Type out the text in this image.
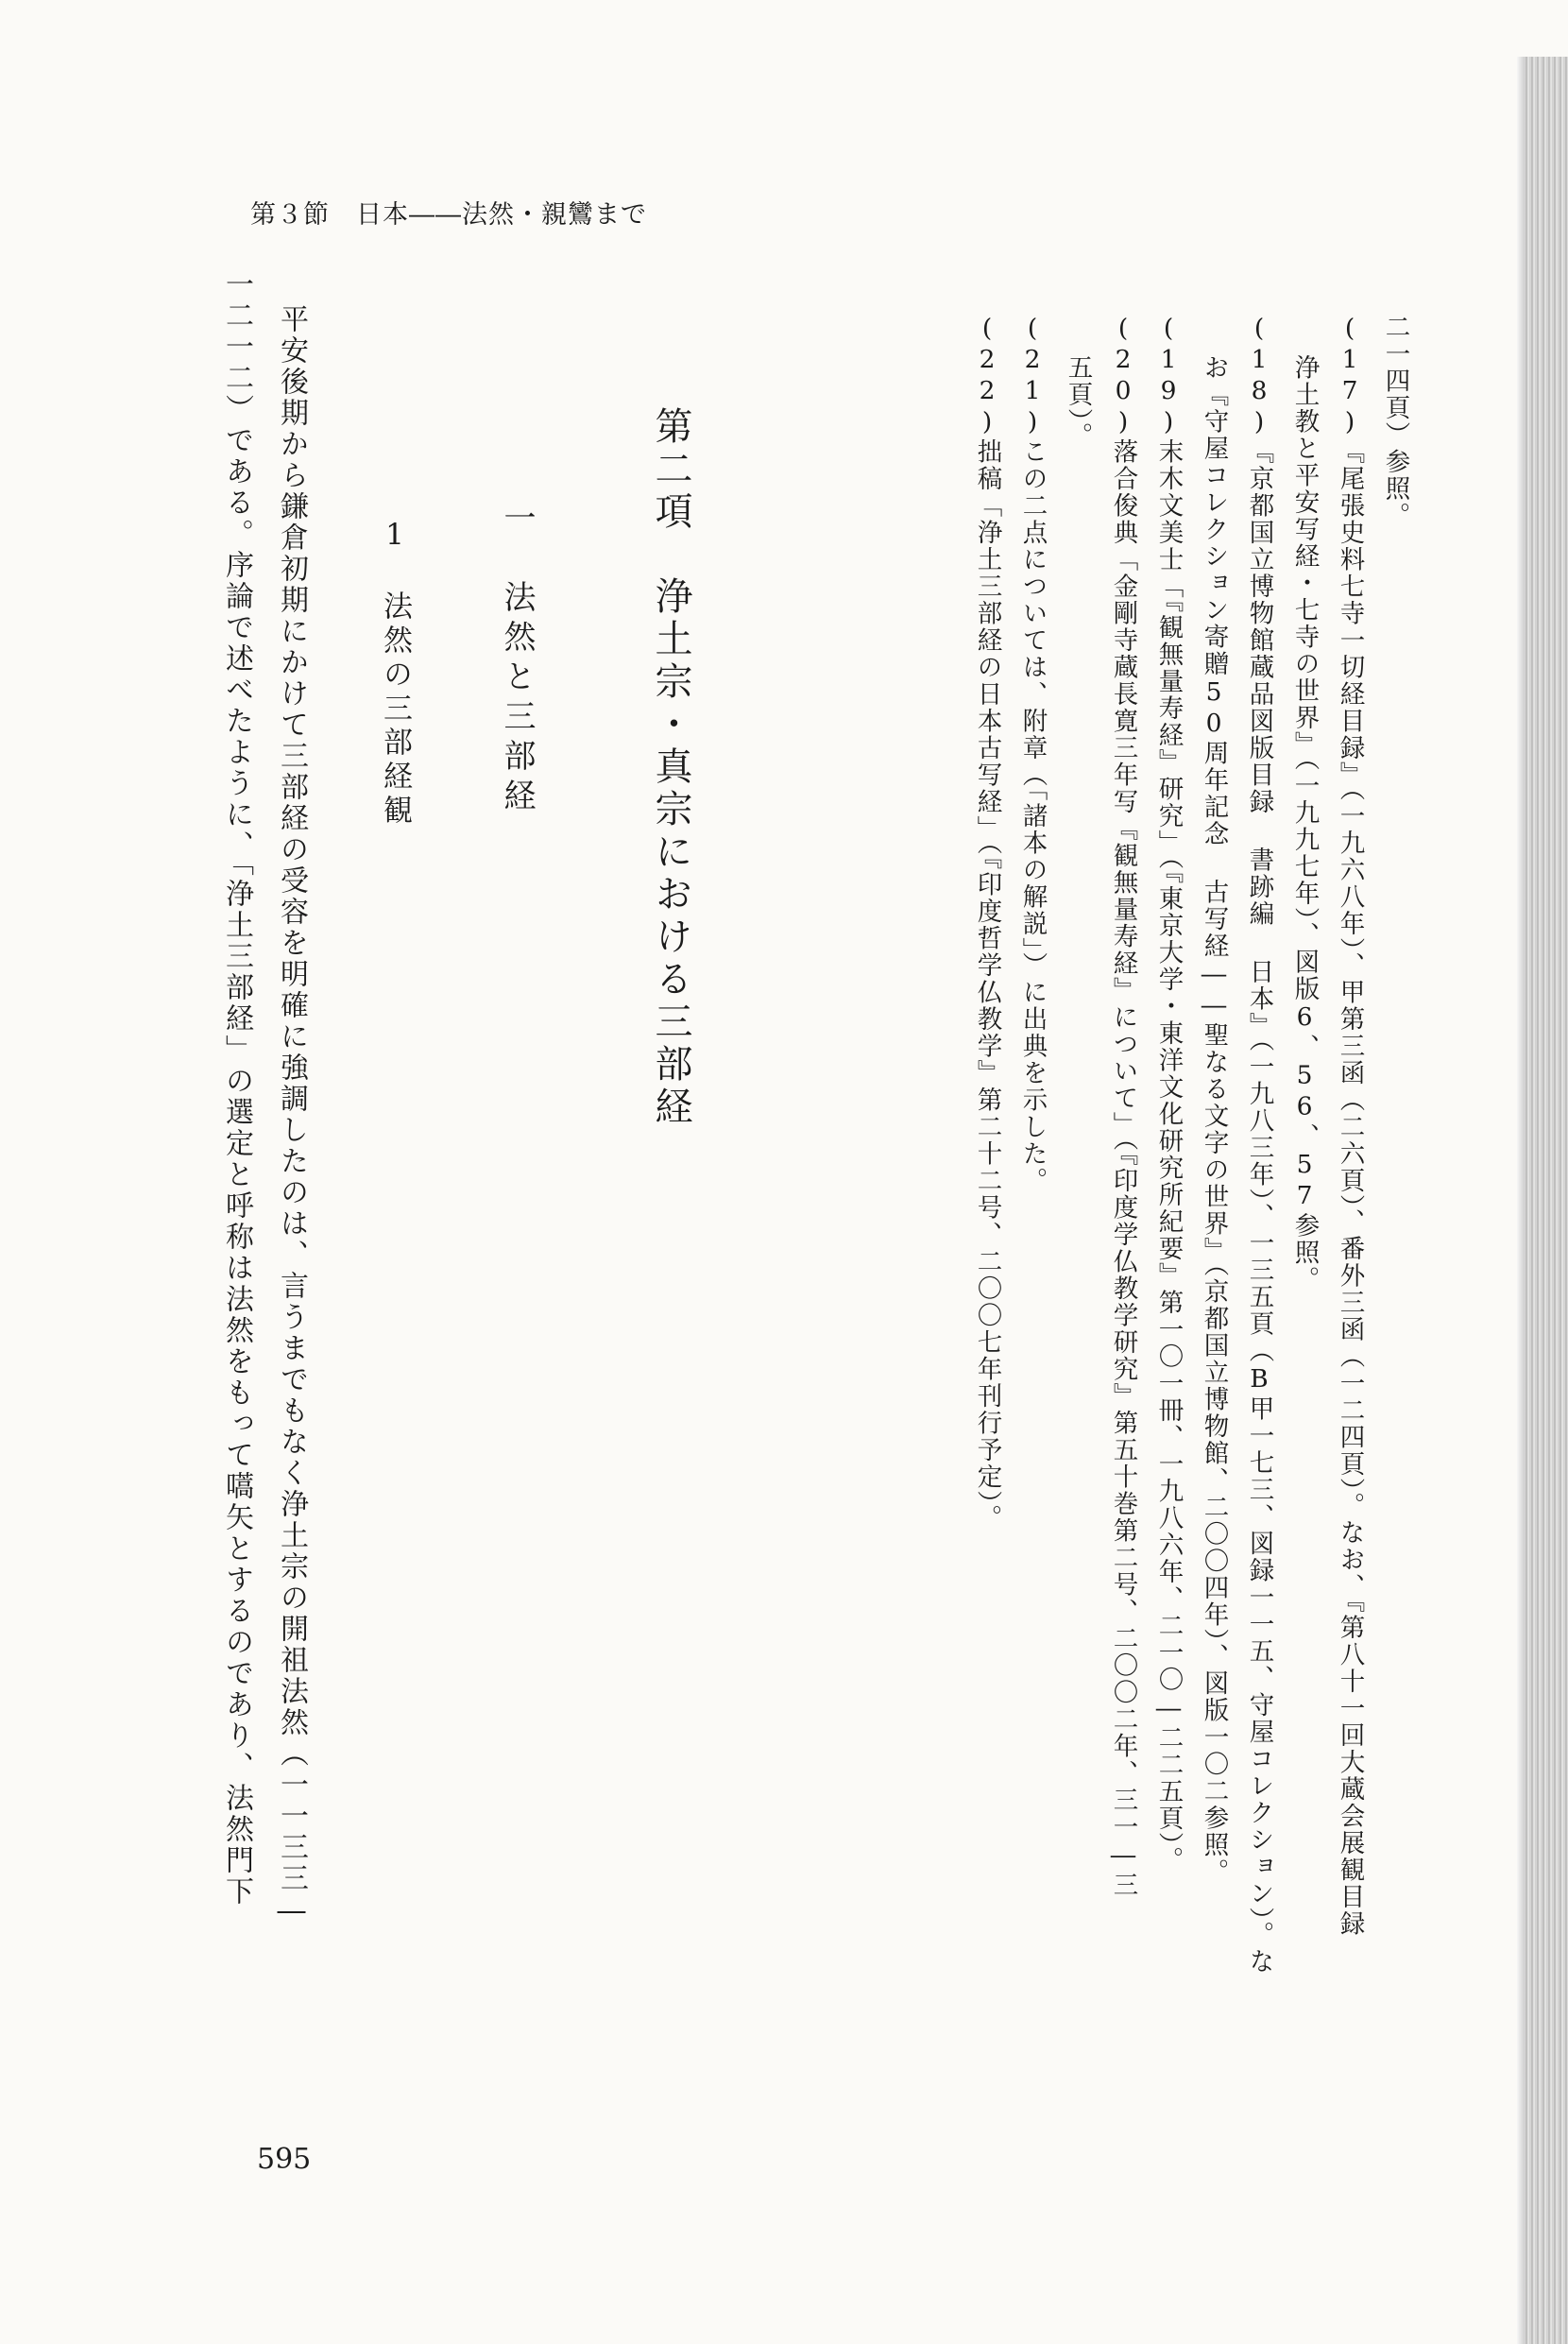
二一四頁）参照。
(17)『尾張史料七寺一切経目録』（一九六八年）、甲第三函（二六頁）、番外三函（一二四頁）。なお、『第八十一回大蔵会展観目録
浄土教と平安写経・七寺の世界』（一九九七年）、図版6、56、57参照。
(18)『京都国立博物館蔵品図版目録 書跡編 日本』（一九八三年）、一三五頁（B甲一七三、図録一一五、守屋コレクション）。な
お『守屋コレクション寄贈50周年記念 古写経――聖なる文字の世界』（京都国立博物館、二〇〇四年）、図版一〇二参照。
(19)末木文美士「『観無量寿経』研究」（『東京大学・東洋文化研究所紀要』第一〇一冊、一九八六年、二一〇―二二五頁）。
(20)落合俊典「金剛寺蔵長寛三年写『観無量寿経』について」（『印度学仏教学研究』第五十巻第二号、二〇〇二年、三一―三
五頁）。
(21)この二点については、附章（「諸本の解説」）に出典を示した。
(22)拙稿「浄土三部経の日本古写経」（『印度哲学仏教学』第二十二号、二〇〇七年刊行予定）。
第二項　浄土宗・真宗における三部経
一　法然と三部経
1　法然の三部経観
平安後期から鎌倉初期にかけて三部経の受容を明確に強調したのは、言うまでもなく浄土宗の開祖法然（一一三三―
一二一二）である。序論で述べたように、「浄土三部経」の選定と呼称は法然をもって嚆矢とするのであり、法然門下
第３節　日本――法然・親鸞まで
595
